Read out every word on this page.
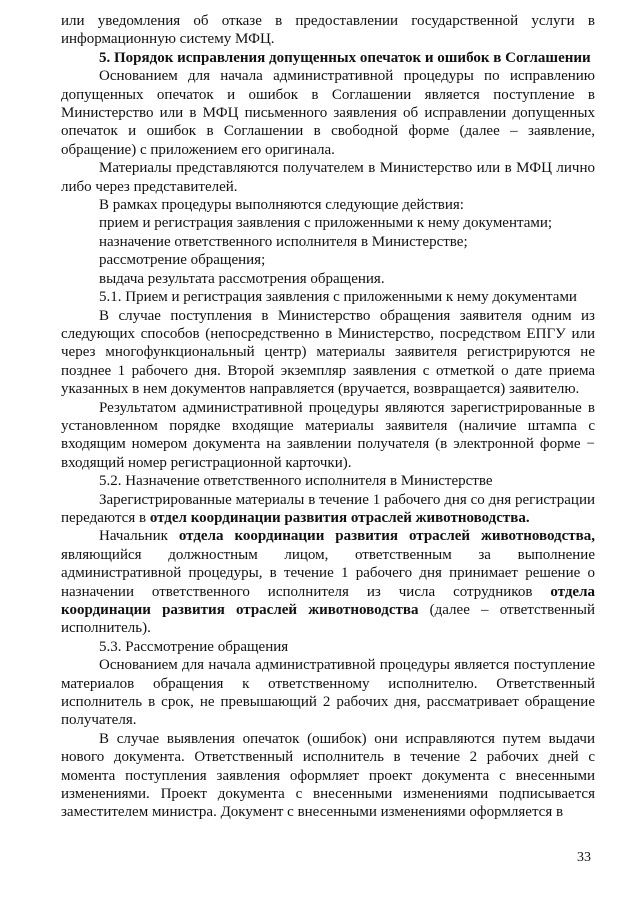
или уведомления об отказе в предоставлении государственной услуги в информационную систему МФЦ.

5. Порядок исправления допущенных опечаток и ошибок в Соглашении

Основанием для начала административной процедуры по исправлению допущенных опечаток и ошибок в Соглашении является поступление в Министерство или в МФЦ письменного заявления об исправлении допущенных опечаток и ошибок в Соглашении в свободной форме (далее – заявление, обращение) с приложением его оригинала.

Материалы представляются получателем в Министерство или в МФЦ лично либо через представителей.

В рамках процедуры выполняются следующие действия:

прием и регистрация заявления с приложенными к нему документами;

назначение ответственного исполнителя в Министерстве;

рассмотрение обращения;

выдача результата рассмотрения обращения.

5.1. Прием и регистрация заявления с приложенными к нему документами

В случае поступления в Министерство обращения заявителя одним из следующих способов (непосредственно в Министерство, посредством ЕПГУ или через многофункциональный центр) материалы заявителя регистрируются не позднее 1 рабочего дня. Второй экземпляр заявления с отметкой о дате приема указанных в нем документов направляется (вручается, возвращается) заявителю.

Результатом административной процедуры являются зарегистрированные в установленном порядке входящие материалы заявителя (наличие штампа с входящим номером документа на заявлении получателя (в электронной форме − входящий номер регистрационной карточки).

5.2. Назначение ответственного исполнителя в Министерстве

Зарегистрированные материалы в течение 1 рабочего дня со дня регистрации передаются в отдел координации развития отраслей животноводства.

Начальник отдела координации развития отраслей животноводства, являющийся должностным лицом, ответственным за выполнение административной процедуры, в течение 1 рабочего дня принимает решение о назначении ответственного исполнителя из числа сотрудников отдела координации развития отраслей животноводства (далее – ответственный исполнитель).

5.3. Рассмотрение обращения

Основанием для начала административной процедуры является поступление материалов обращения к ответственному исполнителю. Ответственный исполнитель в срок, не превышающий 2 рабочих дня, рассматривает обращение получателя.

В случае выявления опечаток (ошибок) они исправляются путем выдачи нового документа. Ответственный исполнитель в течение 2 рабочих дней с момента поступления заявления оформляет проект документа с внесенными изменениями. Проект документа с внесенными изменениями подписывается заместителем министра. Документ с внесенными изменениями оформляется в

33
